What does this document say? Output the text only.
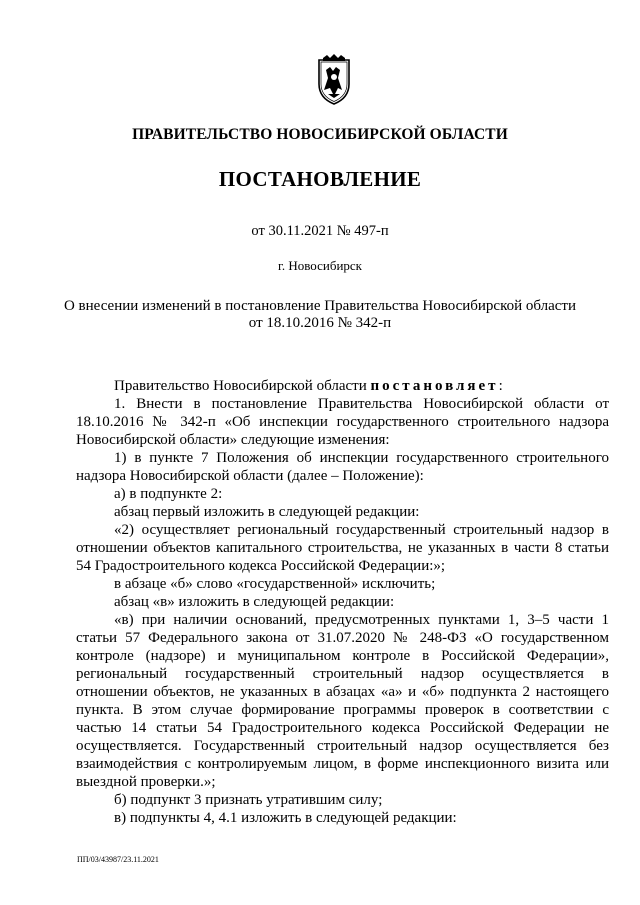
ПРАВИТЕЛЬСТВО НОВОСИБИРСКОЙ ОБЛАСТИ
ПОСТАНОВЛЕНИЕ
от 30.11.2021 № 497-п
г. Новосибирск
О внесении изменений в постановление Правительства Новосибирской области
от 18.10.2016 № 342-п

Правительство Новосибирской области постановляет:

1. Внести в постановление Правительства Новосибирской области от 18.10.2016 № 342-п «Об инспекции государственного строительного надзора Новосибирской области» следующие изменения:

1) в пункте 7 Положения об инспекции государственного строительного надзора Новосибирской области (далее – Положение):

а) в подпункте 2:

абзац первый изложить в следующей редакции:

«2) осуществляет региональный государственный строительный надзор в отношении объектов капитального строительства, не указанных в части 8 статьи 54 Градостроительного кодекса Российской Федерации:»;

в абзаце «б» слово «государственной» исключить;

абзац «в» изложить в следующей редакции:

«в) при наличии оснований, предусмотренных пунктами 1, 3–5 части 1 статьи 57 Федерального закона от 31.07.2020 № 248-ФЗ «О государственном контроле (надзоре) и муниципальном контроле в Российской Федерации», региональный государственный строительный надзор осуществляется в отношении объектов, не указанных в абзацах «а» и «б» подпункта 2 настоящего пункта. В этом случае формирование программы проверок в соответствии с частью 14 статьи 54 Градостроительного кодекса Российской Федерации не осуществляется. Государственный строительный надзор осуществляется без взаимодействия с контролируемым лицом, в форме инспекционного визита или выездной проверки.»;

б) подпункт 3 признать утратившим силу;

в) подпункты 4, 4.1 изложить в следующей редакции:

ПП/03/43987/23.11.2021
